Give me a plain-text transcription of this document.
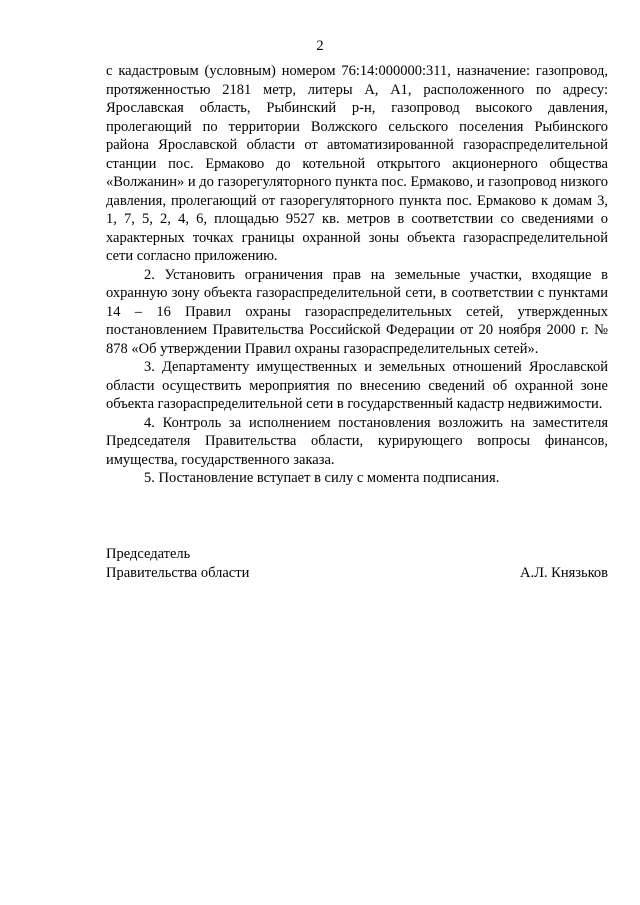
2

с кадастровым (условным) номером 76:14:000000:311, назначение: газопровод, протяженностью 2181 метр, литеры А, А1, расположенного по адресу: Ярославская область, Рыбинский р-н, газопровод высокого давления, пролегающий по территории Волжского сельского поселения Рыбинского района Ярославской области от автоматизированной газораспределительной станции пос. Ермаково до котельной открытого акционерного общества «Волжанин» и до газорегуляторного пункта пос. Ермаково, и газопровод низкого давления, пролегающий от газорегуляторного пункта пос. Ермаково к домам 3, 1, 7, 5, 2, 4, 6, площадью 9527 кв. метров в соответствии со сведениями о характерных точках границы охранной зоны объекта газораспределительной сети согласно приложению.

2. Установить ограничения прав на земельные участки, входящие в охранную зону объекта газораспределительной сети, в соответствии с пунктами 14 – 16 Правил охраны газораспределительных сетей, утвержденных постановлением Правительства Российской Федерации от 20 ноября 2000 г. № 878 «Об утверждении Правил охраны газораспределительных сетей».

3. Департаменту имущественных и земельных отношений Ярославской области осуществить мероприятия по внесению сведений об охранной зоне объекта газораспределительной сети в государственный кадастр недвижимости.

4. Контроль за исполнением постановления возложить на заместителя Председателя Правительства области, курирующего вопросы финансов, имущества, государственного заказа.

5. Постановление вступает в силу с момента подписания.

Председатель
Правительства области	А.Л. Князьков
